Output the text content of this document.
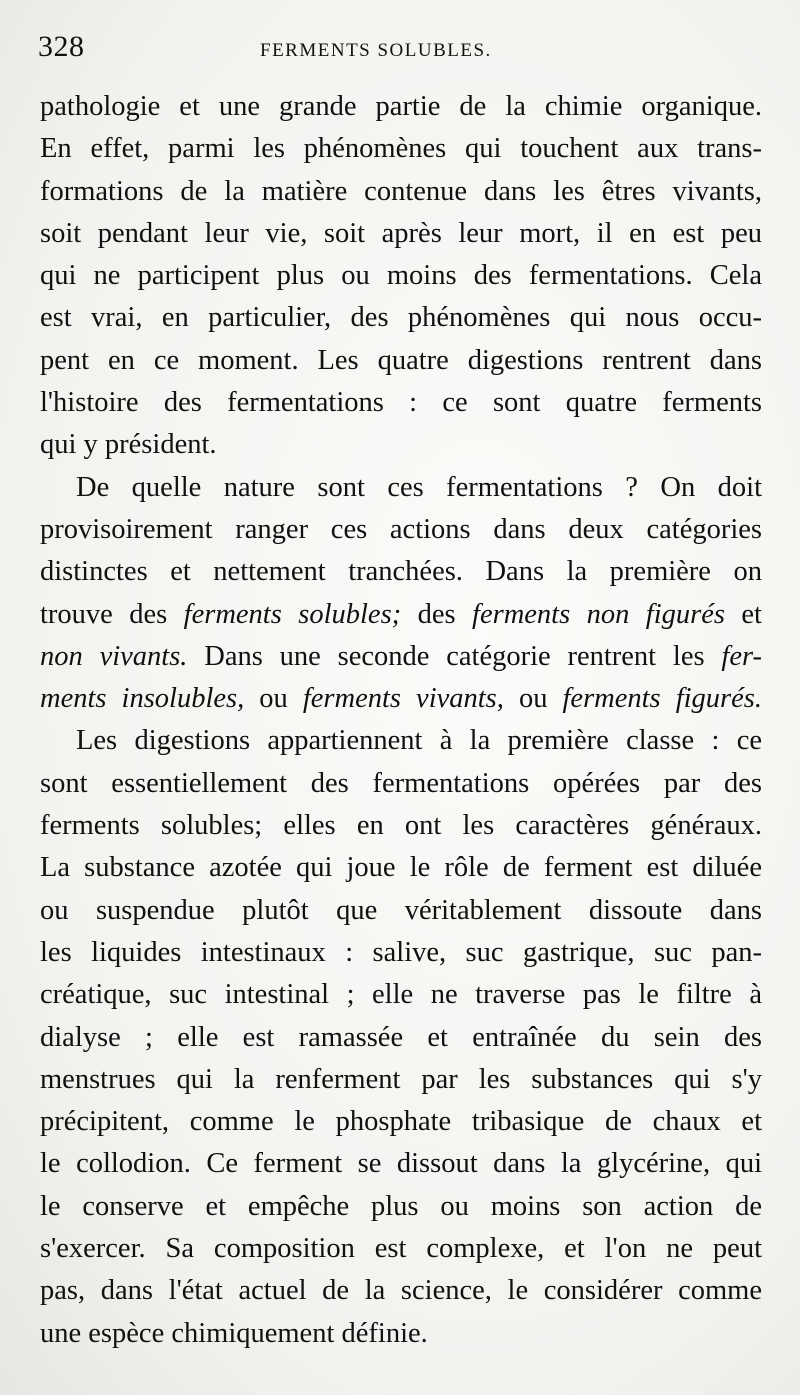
328	FERMENTS SOLUBLES.
pathologie et une grande partie de la chimie organique.
En effet, parmi les phénomènes qui touchent aux trans-
formations de la matière contenue dans les êtres vivants,
soit pendant leur vie, soit après leur mort, il en est peu
qui ne participent plus ou moins des fermentations. Cela
est vrai, en particulier, des phénomènes qui nous occu-
pent en ce moment. Les quatre digestions rentrent dans
l'histoire des fermentations : ce sont quatre ferments
qui y président.
De quelle nature sont ces fermentations ? On doit
provisoirement ranger ces actions dans deux catégories
distinctes et nettement tranchées. Dans la première on
trouve des ferments solubles; des ferments non figurés et
non vivants. Dans une seconde catégorie rentrent les fer-
ments insolubles, ou ferments vivants, ou ferments figurés.
Les digestions appartiennent à la première classe : ce
sont essentiellement des fermentations opérées par des
ferments solubles; elles en ont les caractères généraux.
La substance azotée qui joue le rôle de ferment est diluée
ou suspendue plutôt que véritablement dissoute dans
les liquides intestinaux : salive, suc gastrique, suc pan-
créatique, suc intestinal ; elle ne traverse pas le filtre à
dialyse ; elle est ramassée et entraînée du sein des
menstrues qui la renferment par les substances qui s'y
précipitent, comme le phosphate tribasique de chaux et
le collodion. Ce ferment se dissout dans la glycérine, qui
le conserve et empêche plus ou moins son action de
s'exercer. Sa composition est complexe, et l'on ne peut
pas, dans l'état actuel de la science, le considérer comme
une espèce chimiquement définie.
